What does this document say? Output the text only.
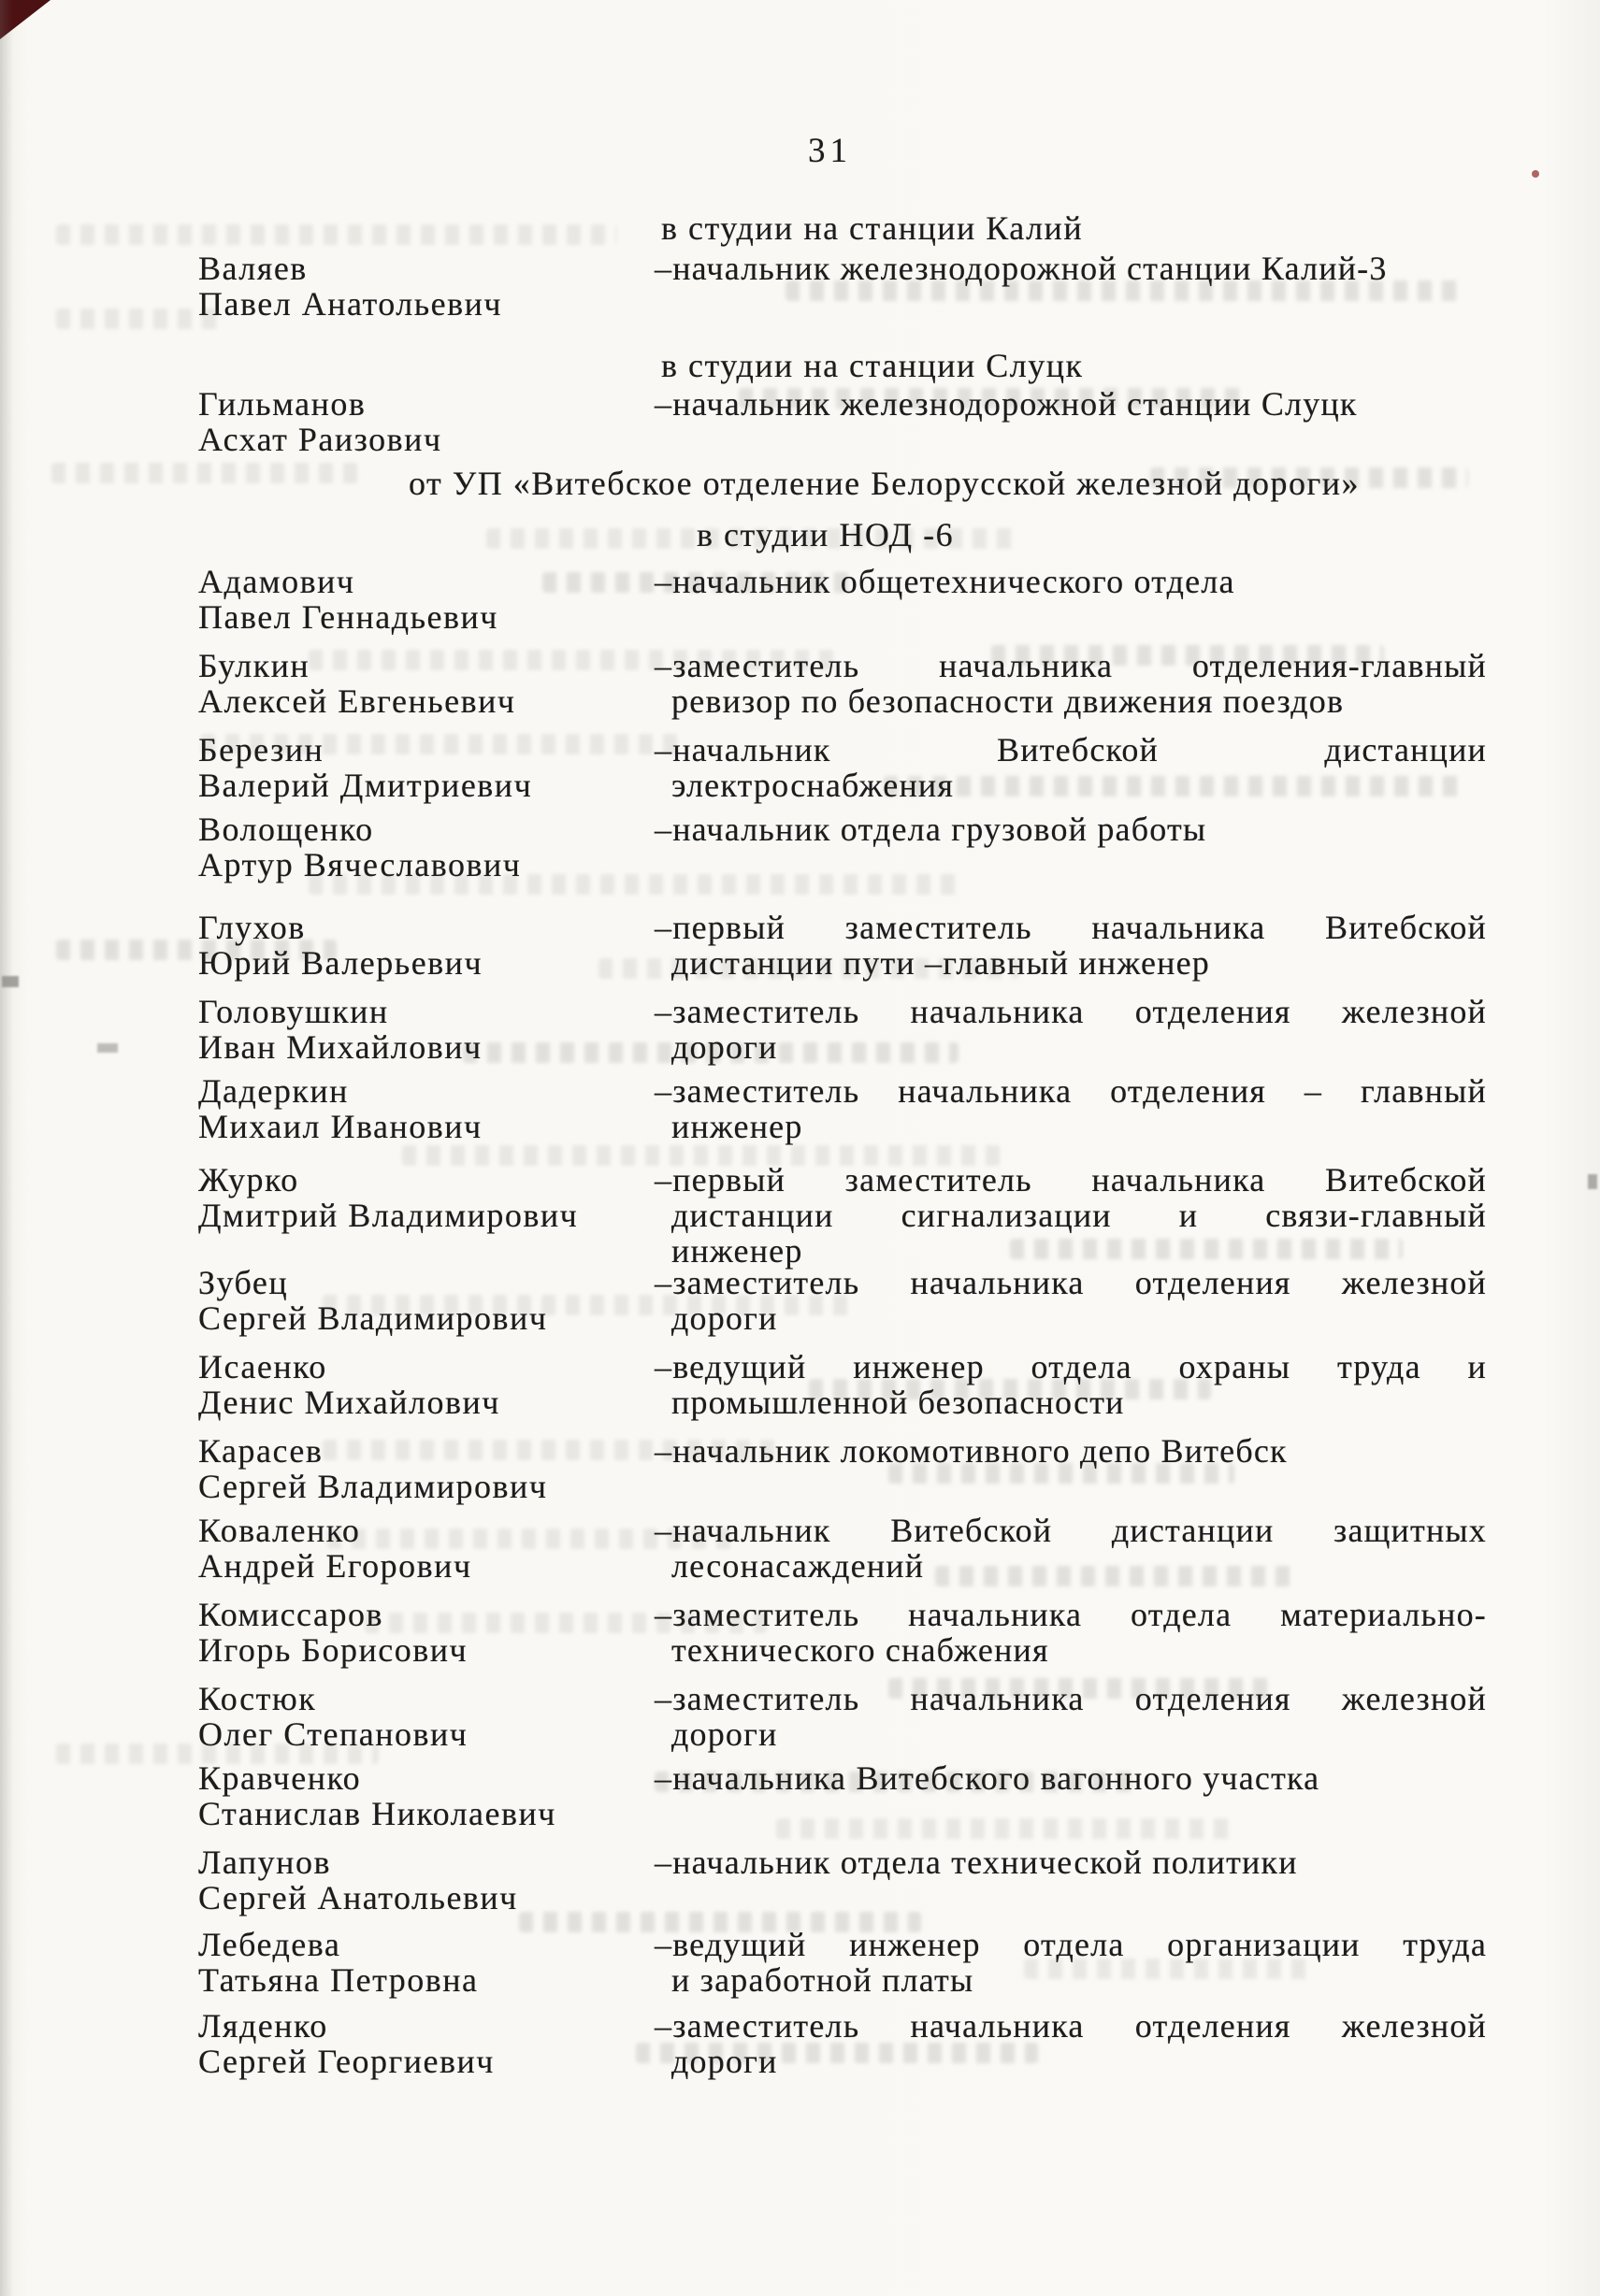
31
в студии на станции Калий
Валяев
Павел Анатольевич
–начальник железнодорожной станции Калий-3
в студии на станции Слуцк
Гильманов
Асхат Раизович
–начальник железнодорожной станции Слуцк
от УП «Витебское отделение Белорусской железной дороги»
в студии НОД -6
Адамович
Павел Геннадьевич
–начальник общетехнического отдела
Булкин
Алексей Евгеньевич
–заместитель начальника отделения-главный
ревизор по безопасности движения поездов
Березин
Валерий Дмитриевич
–начальник Витебской дистанции
электроснабжения
Волощенко
Артур Вячеславович
–начальник отдела грузовой работы
Глухов
Юрий Валерьевич
–первый заместитель начальника Витебской
дистанции пути –главный инженер
Головушкин
Иван Михайлович
–заместитель начальника отделения железной
дороги
Дадеркин
Михаил Иванович
–заместитель начальника отделения – главный
инженер
Журко
Дмитрий Владимирович
–первый заместитель начальника Витебской
дистанции сигнализации и связи-главный
инженер
Зубец
Сергей Владимирович
–заместитель начальника отделения железной
дороги
Исаенко
Денис Михайлович
–ведущий инженер отдела охраны труда и
промышленной безопасности
Карасев
Сергей Владимирович
–начальник локомотивного депо Витебск
Коваленко
Андрей Егорович
–начальник Витебской дистанции защитных
лесонасаждений
Комиссаров
Игорь Борисович
–заместитель начальника отдела материально-
технического снабжения
Костюк
Олег Степанович
–заместитель начальника отделения железной
дороги
Кравченко
Станислав Николаевич
–начальника Витебского вагонного участка
Лапунов
Сергей Анатольевич
–начальник отдела технической политики
Лебедева
Татьяна Петровна
–ведущий инженер отдела организации труда
и заработной платы
Ляденко
Сергей Георгиевич
–заместитель начальника отделения железной
дороги
